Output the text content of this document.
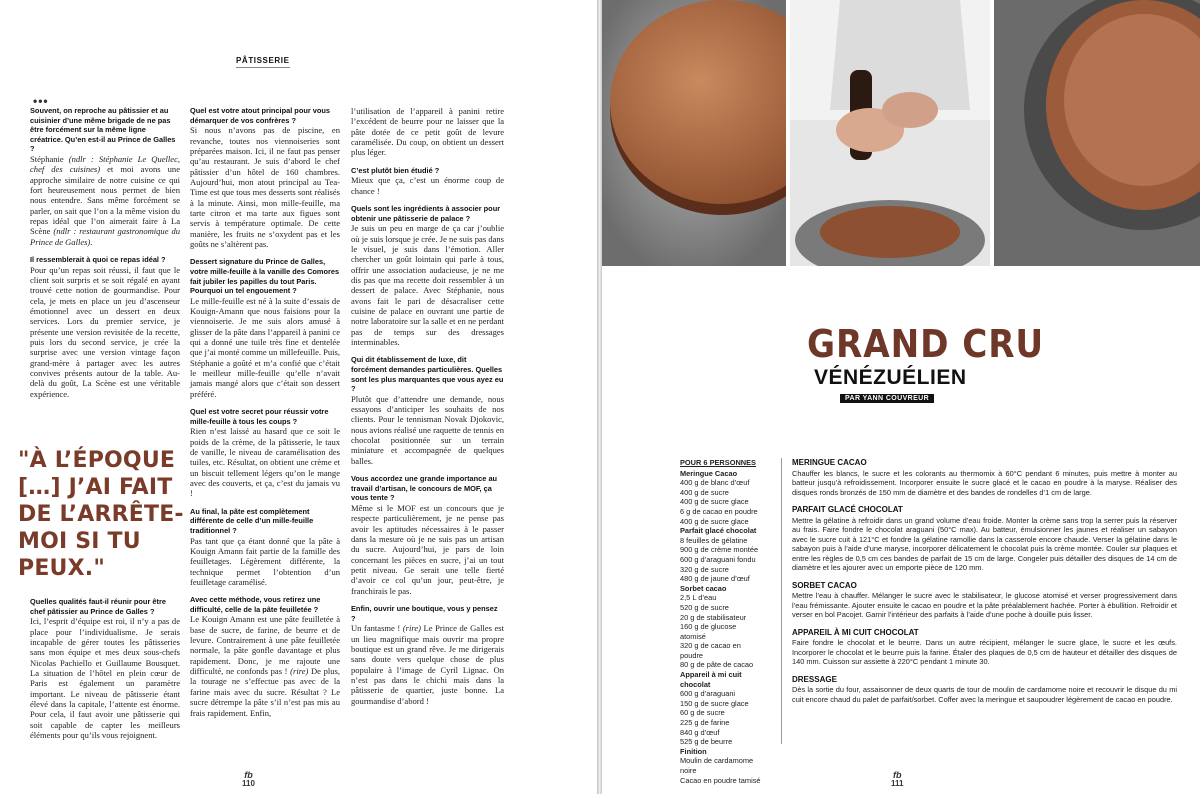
PÂTISSERIE
•••

Souvent, on reproche au pâtissier et au cuisinier d’une même brigade de ne pas être forcément sur la même ligne créatrice. Qu’en est-il au Prince de Galles ?

Stéphanie (ndlr : Stéphanie Le Quellec, chef des cuisines) et moi avons une approche similaire de notre cuisine ce qui fort heureusement nous permet de bien nous entendre. Sans même forcément se parler, on sait que l’on a la même vision du repas idéal que l’on aimerait faire à La Scène (ndlr : restaurant gastronomique du Prince de Galles).

Il ressemblerait à quoi ce repas idéal ?

Pour qu’un repas soit réussi, il faut que le client soit surpris et se soit régalé en ayant trouvé cette notion de gourmandise. Pour cela, je mets en place un jeu d’ascenseur émotionnel avec un dessert en deux services. Lors du premier service, je présente une version revisitée de la recette, puis lors du second service, je crée la surprise avec une version vintage façon grand-mère à partager avec les autres convives présents autour de la table. Au-delà du goût, La Scène est une véritable expérience.

"À L’ÉPOQUE […] J’AI FAIT DE L’ARRÊTE-MOI SI TU PEUX."

Quelles qualités faut-il réunir pour être chef pâtissier au Prince de Galles ?

Ici, l’esprit d’équipe est roi, il n’y a pas de place pour l’individualisme. Je serais incapable de gérer toutes les pâtisseries sans mon équipe et mes deux sous-chefs Nicolas Pachiello et Guillaume Bousquet. La situation de l’hôtel en plein cœur de Paris est également un paramètre important. Le niveau de pâtisserie étant élevé dans la capitale, l’attente est énorme. Pour cela, il faut avoir une pâtisserie qui soit capable de capter les meilleurs éléments pour qu’ils vous rejoignent.

Quel est votre atout principal pour vous démarquer de vos confrères ?

Si nous n’avons pas de piscine, en revanche, toutes nos viennoiseries sont préparées maison. Ici, il ne faut pas penser qu’au restaurant. Je suis d’abord le chef pâtissier d’un hôtel de 160 chambres. Aujourd’hui, mon atout principal au Tea-Time est que tous mes desserts sont réalisés à la minute. Ainsi, mon mille-feuille, ma tarte citron et ma tarte aux figues sont servis à température optimale. De cette manière, les fruits ne s’oxydent pas et les goûts ne s’altèrent pas.

Dessert signature du Prince de Galles, votre mille-feuille à la vanille des Comores fait jubiler les papilles du tout Paris. Pourquoi un tel engouement ?

Le mille-feuille est né à la suite d’essais de Kouign-Amann que nous faisions pour la viennoiserie. Je me suis alors amusé à glisser de la pâte dans l’appareil à panini ce qui a donné une tuile très fine et dentelée que j’ai monté comme un millefeuille. Puis, Stéphanie a goûté et m’a confié que c’était le meilleur mille-feuille qu’elle n’avait jamais mangé alors que c’était son dessert préféré.

Quel est votre secret pour réussir votre mille-feuille à tous les coups ?

Rien n’est laissé au hasard que ce soit le poids de la crème, de la pâtisserie, le taux de vanille, le niveau de caramélisation des tuiles, etc. Résultat, on obtient une crème et un biscuit tellement légers qu’on le mange avec des couverts, et ça, c’est du jamais vu !

Au final, la pâte est complètement différente de celle d’un mille-feuille traditionnel ?

Pas tant que ça étant donné que la pâte à Kouign Amann fait partie de la famille des feuilletages. Légèrement différente, la technique permet l’obtention d’un feuilletage caramélisé.

Avec cette méthode, vous retirez une difficulté, celle de la pâte feuilletée ?

Le Kouign Amann est une pâte feuilletée à base de sucre, de farine, de beurre et de levure. Contrairement à une pâte feuilletée normale, la pâte gonfle davantage et plus rapidement. Donc, je me rajoute une difficulté, ne confonds pas ! (rire) De plus, la tourage ne s’effectue pas avec de la farine mais avec du sucre. Résultat ? Le sucre détrempe la pâte s’il n’est pas mis au frais rapidement. Enfin,

l’utilisation de l’appareil à panini retire l’excédent de beurre pour ne laisser que la pâte dotée de ce petit goût de levure caramélisée. Du coup, on obtient un dessert plus léger.

C’est plutôt bien étudié ?

Mieux que ça, c’est un énorme coup de chance !

Quels sont les ingrédients à associer pour obtenir une pâtisserie de palace ?

Je suis un peu en marge de ça car j’oublie où je suis lorsque je crée. Je ne suis pas dans le visuel, je suis dans l’émotion. Aller chercher un goût lointain qui parle à tous, offrir une association audacieuse, je ne me dis pas que ma recette doit ressembler à un dessert de palace. Avec Stéphanie, nous avons fait le pari de désacraliser cette cuisine de palace en ouvrant une partie de notre laboratoire sur la salle et en ne perdant pas de temps sur des dressages interminables.

Qui dit établissement de luxe, dit forcément demandes particulières. Quelles sont les plus marquantes que vous ayez eu ?

Plutôt que d’attendre une demande, nous essayons d’anticiper les souhaits de nos clients. Pour le tennisman Novak Djokovic, nous avions réalisé une raquette de tennis en chocolat positionnée sur un terrain miniature et accompagnée de quelques balles.

Vous accordez une grande importance au travail d’artisan, le concours de MOF, ça vous tente ?

Même si le MOF est un concours que je respecte particulièrement, je ne pense pas avoir les aptitudes nécessaires à le passer dans la mesure où je ne suis pas un artisan du sucre. Aujourd’hui, je pars de loin concernant les pièces en sucre, j’ai un tout petit niveau. Ge serait une telle fierté d’avoir ce col qu’un jour, peut-être, je franchirais le pas.

Enfin, ouvrir une boutique, vous y pensez ?

Un fantasme ! (rire) Le Prince de Galles est un lieu magnifique mais ouvrir ma propre boutique est un grand rêve. Je me dirigerais sans doute vers quelque chose de plus populaire à l’image de Cyril Lignac. On n’est pas dans le chichi mais dans la pâtisserie de quartier, juste bonne. La gourmandise d’abord !

fb
110
GRAND CRU
VÉNÉZUÉLIEN
PAR YANN COUVREUR
POUR 6 PERSONNES
Meringue Cacao
400 g de blanc d’œuf
400 g de sucre
400 g de sucre glace
6 g de cacao en poudre
400 g de sucre glace
Parfait glacé chocolat
8 feuilles de gélatine
900 g de crème montée
600 g d’araguani fondu
320 g de sucre
480 g de jaune d’œuf
Sorbet cacao
2,5 L d’eau
520 g de sucre
20 g de stabilisateur
160 g de glucose atomisé
320 g de cacao en poudre
80 g de pâte de cacao
Appareil à mi cuit chocolat
600 g d’araguani
150 g de sucre glace
60 g de sucre
225 g de farine
840 g d’œuf
525 g de beurre
Finition
Moulin de cardamome
noire
Cacao en poudre tamisé
MERINGUE CACAO
Chauffer les blancs, le sucre et les colorants au thermomix à 60°C pendant 6 minutes, puis mettre à monter au batteur jusqu’à refroidissement. Incorporer ensuite le sucre glacé et le cacao en poudre à la maryse. Réaliser des disques ronds bronzés de 150 mm de diamètre et des bandes de rondelles d’1 cm de large.
PARFAIT GLACÉ CHOCOLAT
Mettre la gélatine à refroidir dans un grand volume d’eau froide. Monter la crème sans trop la serrer puis la réserver au frais. Faire fondre le chocolat araguani (50°C max). Au batteur, émulsionner les jaunes et réaliser un sabayon avec le sucre cuit à 121°C et fondre la gélatine ramollie dans la casserole encore chaude. Verser la gélatine dans le sabayon puis à l’aide d’une maryse, incorporer délicatement le chocolat puis la crème montée. Couler sur plaques et entre les règles de 0,5 cm ces bandes de parfait de 15 cm de large. Congeler puis détailler des disques de 14 cm de diamètre et les ajourer avec un emporte pièce de 120 mm.
SORBET CACAO
Mettre l’eau à chauffer. Mélanger le sucre avec le stabilisateur, le glucose atomisé et verser progressivement dans l’eau frémissante. Ajouter ensuite le cacao en poudre et la pâte préalablement hachée. Porter à ébullition. Refroidir et verser en bol Pacojet. Garnir l’intérieur des parfaits à l’aide d’une poche à douille puis lisser.
APPAREIL À MI CUIT CHOCOLAT
Faire fondre le chocolat et le beurre. Dans un autre récipient, mélanger le sucre glace, le sucre et les œufs. Incorporer le chocolat et le beurre puis la farine. Étaler des plaques de 0,5 cm de hauteur et détailler des disques de 140 mm. Cuisson sur assiette à 220°C pendant 1 minute 30.
DRESSAGE
Dès la sortie du four, assaisonner de deux quarts de tour de moulin de cardamome noire et recouvrir le disque du mi cuit encore chaud du palet de parfait/sorbet. Coffer avec la meringue et saupoudrer légèrement de cacao en poudre.
fb
111
